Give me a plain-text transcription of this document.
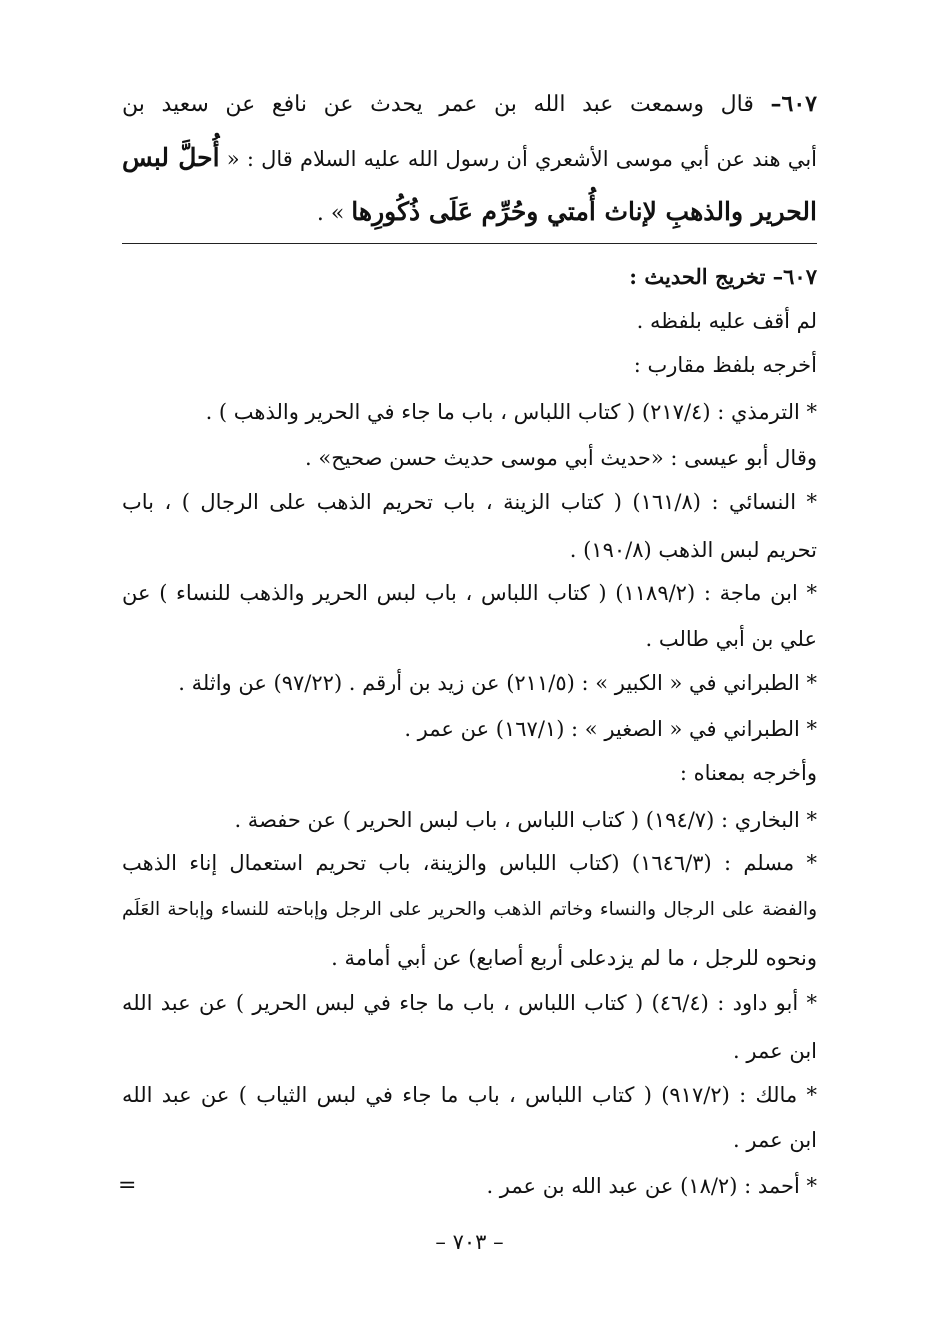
٦٠٧– قال وسمعت عبد الله بن عمر يحدث عن نافع عن سعيد بن
أبي هند عن أبي موسى الأشعري أن رسول الله عليه السلام قال : « أُحلَّ لبس
الحرير والذهبِ لإناث أُمتي وحُرِّم عَلَى ذُكُورِها » .
٦٠٧– تخريج الحديث :
لم أقف عليه بلفظه .
أخرجه بلفظ مقارب :
* الترمذي : (٢١٧/٤) ( كتاب اللباس ، باب ما جاء في الحرير والذهب ) .
وقال أبو عيسى : «حديث أبي موسى حديث حسن صحيح» .
* النسائي : (١٦١/٨) ( كتاب الزينة ، باب تحريم الذهب على الرجال ) ، باب
تحريم لبس الذهب (١٩٠/٨) .
* ابن ماجة : (١١٨٩/٢) ( كتاب اللباس ، باب لبس الحرير والذهب للنساء ) عن
علي بن أبي طالب .
* الطبراني في « الكبير » : (٢١١/٥) عن زيد بن أرقم . (٩٧/٢٢) عن واثلة .
* الطبراني في « الصغير » : (١٦٧/١) عن عمر .
وأخرجه بمعناه :
* البخاري : (١٩٤/٧) ( كتاب اللباس ، باب لبس الحرير ) عن حفصة .
* مسلم : (١٦٤٦/٣) (كتاب اللباس والزينة، باب تحريم استعمال إناء الذهب
والفضة على الرجال والنساء وخاتم الذهب والحرير على الرجل وإباحته للنساء وإباحة العَلَم
ونحوه للرجل ، ما لم يزدعلى أربع أصابع) عن أبي أمامة .
* أبو داود : (٤٦/٤) ( كتاب اللباس ، باب ما جاء في لبس الحرير ) عن عبد الله
ابن عمر .
* مالك : (٩١٧/٢) ( كتاب اللباس ، باب ما جاء في لبس الثياب ) عن عبد الله
ابن عمر .
* أحمد : (١٨/٢) عن عبد الله بن عمر .
=
– ٧٠٣ –
